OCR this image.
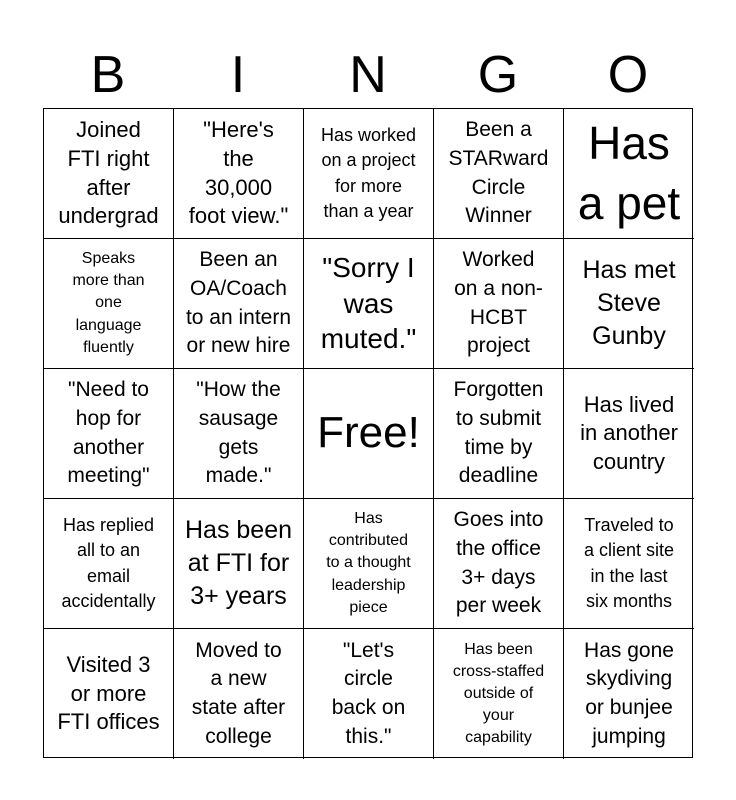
B	I	N	G	O
Joined
FTI right
after
undergrad
"Here's
the
30,000
foot view."
Has worked
on a project
for more
than a year
Been a
STARward
Circle
Winner
Has
a pet
Speaks
more than
one
language
fluently
Been an
OA/Coach
to an intern
or new hire
"Sorry I
was
muted."
Worked
on a non-
HCBT
project
Has met
Steve
Gunby
"Need to
hop for
another
meeting"
"How the
sausage
gets
made."
Free!
Forgotten
to submit
time by
deadline
Has lived
in another
country
Has replied
all to an
email
accidentally
Has been
at FTI for
3+ years
Has
contributed
to a thought
leadership
piece
Goes into
the office
3+ days
per week
Traveled to
a client site
in the last
six months
Visited 3
or more
FTI offices
Moved to
a new
state after
college
"Let's
circle
back on
this."
Has been
cross-staffed
outside of
your
capability
Has gone
skydiving
or bunjee
jumping
